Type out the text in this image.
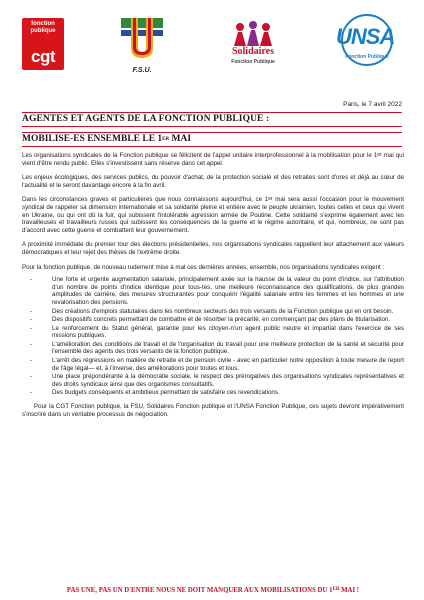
fonction
publique
cgt
F.S.U.
Solidaires
Fonction Publique
UNSA
Fonction Publique
Paris, le 7 avril 2022
AGENTES ET AGENTS DE LA FONCTION PUBLIQUE :
MOBILISE-ES ENSEMBLE LE 1ER MAI

Les organisations syndicales de la Fonction publique se félicitent de l'appel unitaire interprofessionnel à la mobilisation pour le 1er mai qui vient d'être rendu public. Elles s'investissent sans réserve dans cet appel.

Les enjeux écologiques, des services publics, du pouvoir d'achat, de la protection sociale et des retraites sont d'ores et déjà au cœur de l'actualité et le seront davantage encore à la fin avril.

Dans les circonstances graves et particulières que nous connaissons aujourd'hui, ce 1er mai sera aussi l'occasion pour le mouvement syndical de rappeler sa dimension internationale et sa solidarité pleine et entière avec le peuple ukrainien, toutes celles et ceux qui vivent en Ukraine, ou qui ont dû la fuir, qui subissent l'intolérable agression armée de Poutine. Cette solidarité s'exprime également avec les travailleuses et travailleurs russes qui subissent les conséquences de la guerre et le régime autoritaire, et qui, nombreux, ne sont pas d'accord avec cette guerre et combattent leur gouvernement.

A proximité immédiate du premier tour des élections présidentielles, nos organisations syndicales rappellent leur attachement aux valeurs démocratiques et leur rejet des thèses de l'extrême droite.

Pour la fonction publique, de nouveau rudement mise à mal ces dernières années, ensemble, nos organisations syndicales exigent :

- Une forte et urgente augmentation salariale, principalement axée sur la hausse de la valeur du point d'indice, sur l'attribution d'un nombre de points d'indice identique pour tous-tes, une meilleure reconnaissance des qualifications, de plus grandes amplitudes de carrière, des mesures structurantes pour conquérir l'égalité salariale entre les femmes et les hommes et une revalorisation des pensions.
- Des créations d'emplois statutaires dans les nombreux secteurs des trois versants de la Fonction publique qui en ont besoin.
- Des dispositifs concrets permettant de combattre et de résorber la précarité, en commençant par des plans de titularisation.
- Le renforcement du Statut général, garantie pour les citoyen-n'un agent public neutre et impartial dans l'exercice de ses missions publiques.
- L'amélioration des conditions de travail et de l'organisation du travail pour une meilleure protection de la santé et sécurité pour l'ensemble des agents des trois versants de la fonction publique.
- L'arrêt des régressions en matière de retraite et de pension civile - avec en particulier notre opposition à toute mesure de report de l'âge légal— et, à l'inverse, des améliorations pour toutes et tous.
- Une place prépondérante à la démocratie sociale, le respect des prérogatives des organisations syndicales représentatives et des droits syndicaux ainsi que des organismes consultatifs.
- Des budgets conséquents et ambitieux permettant de satisfaire ces revendications.

Pour la CGT Fonction publique, la FSU, Solidaires Fonction publique et l'UNSA Fonction Publique, ces sujets devront impérativement s'inscrire dans un véritable processus de négociation.

PAS UNE, PAS UN D'ENTRE NOUS NE DOIT MANQUER AUX MOBILISATIONS DU 1ER MAI !
